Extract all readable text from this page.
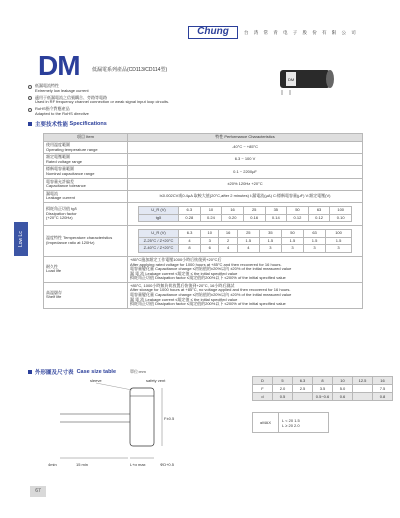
Chung	台 湾 常 青 电 子 股 份 有 限 公 司
DM 低漏電系列產品(CD113/CD114型)
DM
低漏電流特性
Extremely low leakage current
適用于低漏電流之信號耦合、旁路等電路
Used in RF frequency channel connection or weak signal input loop circuits.
RoHS指令對應產品
Adapted to the RoHS directive
主要技术性能
Specifications
Low Lc
項目 Item	特性 Performance Characteristics

使用溫度範圍
Operating temperature range	-40°C ~ +85°C

額定電壓範圍
Rated voltage range	6.3 ~ 100 V

標稱電容量範圍
Nominal capacitance range	0.1 ~ 2200μF

電容量允許偏差
Capacitance tolerance	±20% 120Hz +20°C

漏電流
Leakage current	I≤0.002CV或0.4μA 取較大值(20°C,after 2 minutes) I:漏電流(μA) C:標稱電容量(μF) V:額定電壓(V)

損耗角正切值 tgδ
Dissipation factor
(+20°C 120Hz)

U_R (V)	6.3	10	16	25	35	50	63	100
tgδ	0.28	0.24	0.20	0.16	0.14	0.12	0.12	0.10

溫度特性 Temperature characteristics
(Impedance ratio at 120Hz)

U_R (V)	6.3	10	16	25	35	50	63	100
Z-25°C / Z+20°C	4	3	2	1.5	1.5	1.5	1.5	1.5
Z-40°C / Z+20°C	8	6	4	4	3	3	3	3

耐久性
Load life

+85°C施加額定工作電壓1000小時后恢復到+20°C后
After applying rated voltage for 1000 hours at +85°C and then recovered for 16 hours.
電容量變化量 Capacitance change ≤初始值的±20%以內 ±20% of the initial measured value
漏 電 流 Leakage current ≤規定值 ≤ the initial specified value
損耗角正切值 Dissipation factor ≤規定值的200%以下 ≤200% of the initial specified value

高溫儲存
Shelf life

+85°C, 1000小時無負荷放置后恢復到+20°C, 16小時后測試
After storage for 1000 hours at +85°C, no voltage applied and then recovered for 16 hours.
電容量變化量 Capacitance change ≤初始值的±20%以內 ±20% of the initial measured value
漏 電 流 Leakage current ≤規定值 ≤ the initial specified value
損耗角正切值 Dissipation factor ≤規定值的200%以下 ≤200% of the initial specified value
外形圖及尺寸表
Case size table	單位:mm
sleeve	safety vent
F±0.5
L+α max
4min	15 min	ΦD+0.5
D	5	6.3	8	10	12.5	16
F	2.0	2.5	3.5	5.0		7.5
d	0.5		0.5~0.6	0.6		0.8
αMAX	L < 20 1.5
L ≥ 20 2.0
67
